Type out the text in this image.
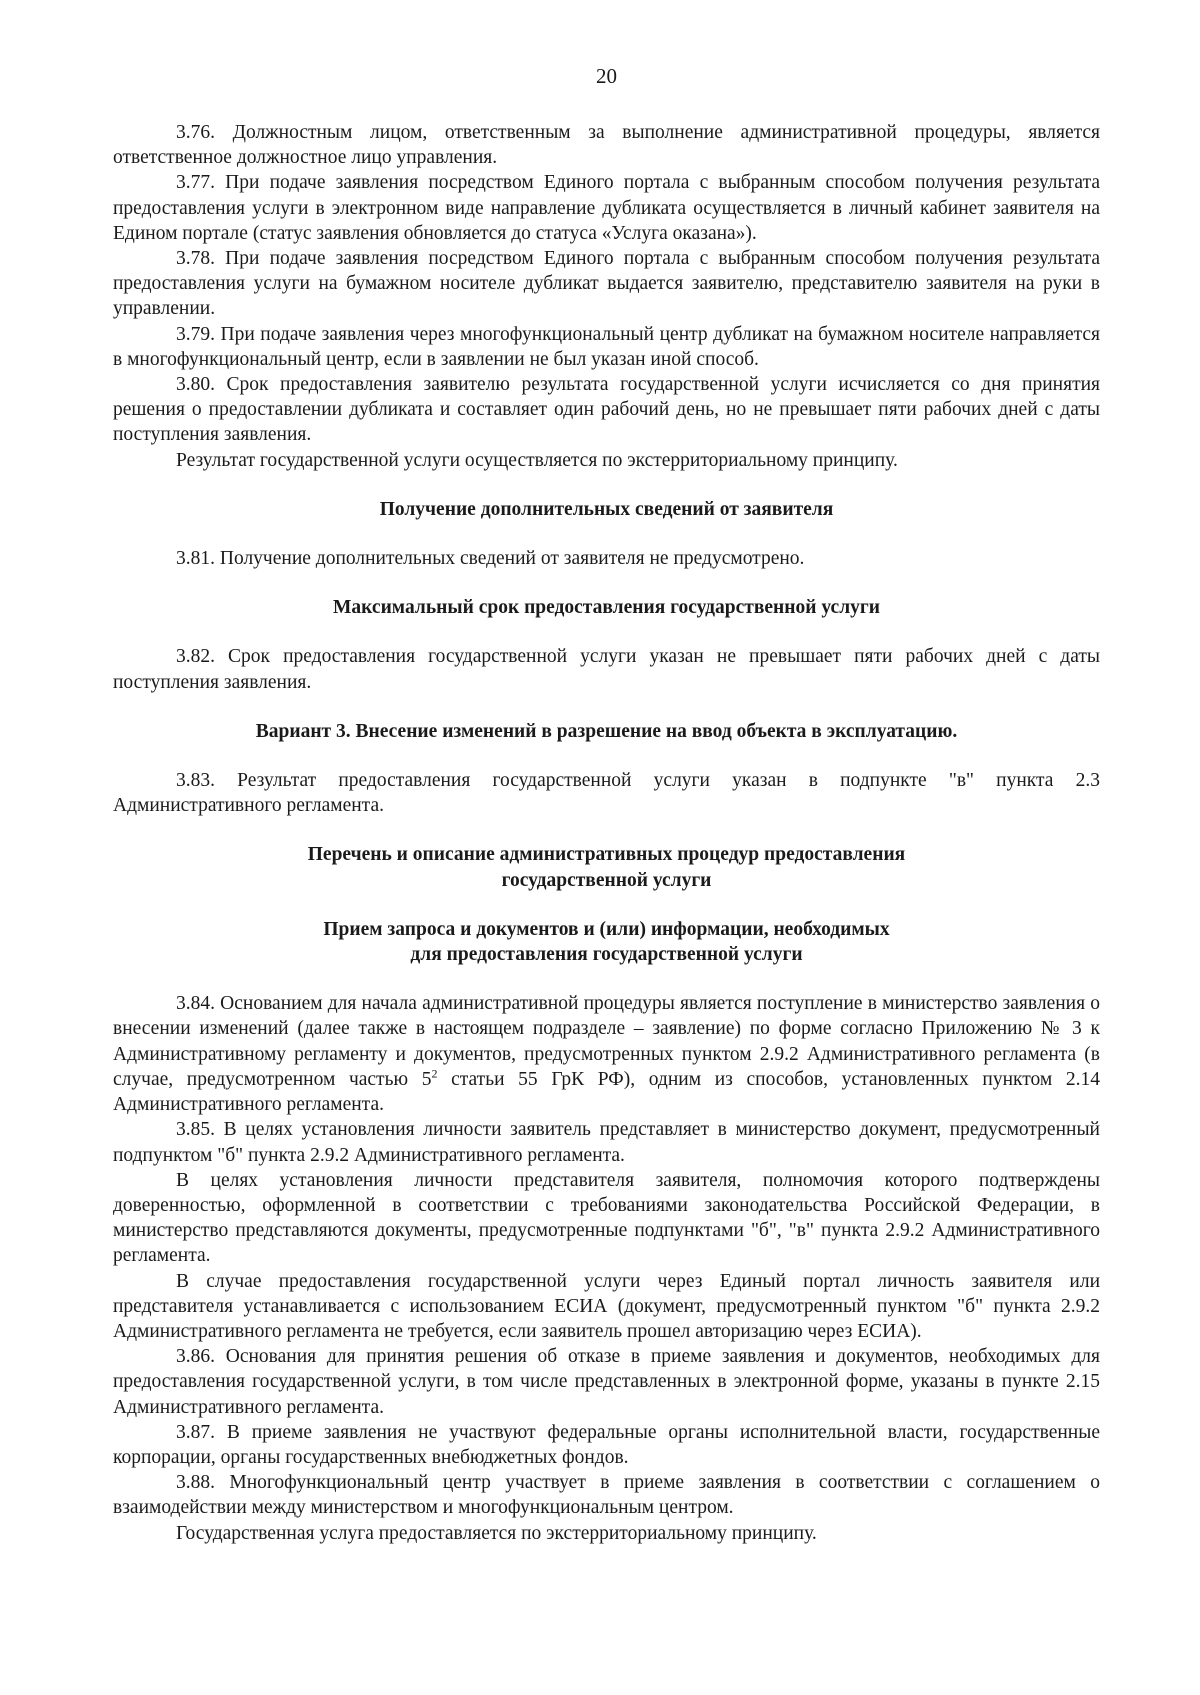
20

3.76. Должностным лицом, ответственным за выполнение административной процедуры, является ответственное должностное лицо управления.

3.77. При подаче заявления посредством Единого портала с выбранным способом получения результата предоставления услуги в электронном виде направление дубликата осуществляется в личный кабинет заявителя на Едином портале (статус заявления обновляется до статуса «Услуга оказана»).

3.78. При подаче заявления посредством Единого портала с выбранным способом получения результата предоставления услуги на бумажном носителе дубликат выдается заявителю, представителю заявителя на руки в управлении.

3.79. При подаче заявления через многофункциональный центр дубликат на бумажном носителе направляется в многофункциональный центр, если в заявлении не был указан иной способ.

3.80. Срок предоставления заявителю результата государственной услуги исчисляется со дня принятия решения о предоставлении дубликата и составляет один рабочий день, но не превышает пяти рабочих дней с даты поступления заявления.

Результат государственной услуги осуществляется по экстерриториальному принципу.

Получение дополнительных сведений от заявителя

3.81. Получение дополнительных сведений от заявителя не предусмотрено.

Максимальный срок предоставления государственной услуги

3.82. Срок предоставления государственной услуги указан не превышает пяти рабочих дней с даты поступления заявления.

Вариант 3. Внесение изменений в разрешение на ввод объекта в эксплуатацию.

3.83. Результат предоставления государственной услуги указан в подпункте "в" пункта 2.3 Административного регламента.

Перечень и описание административных процедур предоставления

государственной услуги

Прием запроса и документов и (или) информации, необходимых

для предоставления государственной услуги

3.84. Основанием для начала административной процедуры является поступление в министерство заявления о внесении изменений (далее также в настоящем подразделе – заявление) по форме согласно Приложению № 3 к Административному регламенту и документов, предусмотренных пунктом 2.9.2 Административного регламента (в случае, предусмотренном частью $5^2$ статьи 55 ГрК РФ), одним из способов, установленных пунктом 2.14 Административного регламента.

3.85. В целях установления личности заявитель представляет в министерство документ, предусмотренный подпунктом "б" пункта 2.9.2 Административного регламента.

В целях установления личности представителя заявителя, полномочия которого подтверждены доверенностью, оформленной в соответствии с требованиями законодательства Российской Федерации, в министерство представляются документы, предусмотренные подпунктами "б", "в" пункта 2.9.2 Административного регламента.

В случае предоставления государственной услуги через Единый портал личность заявителя или представителя устанавливается с использованием ЕСИА (документ, предусмотренный пунктом "б" пункта 2.9.2 Административного регламента не требуется, если заявитель прошел авторизацию через ЕСИА).

3.86. Основания для принятия решения об отказе в приеме заявления и документов, необходимых для предоставления государственной услуги, в том числе представленных в электронной форме, указаны в пункте 2.15 Административного регламента.

3.87. В приеме заявления не участвуют федеральные органы исполнительной власти, государственные корпорации, органы государственных внебюджетных фондов.

3.88. Многофункциональный центр участвует в приеме заявления в соответствии с соглашением о взаимодействии между министерством и многофункциональным центром.

Государственная услуга предоставляется по экстерриториальному принципу.
